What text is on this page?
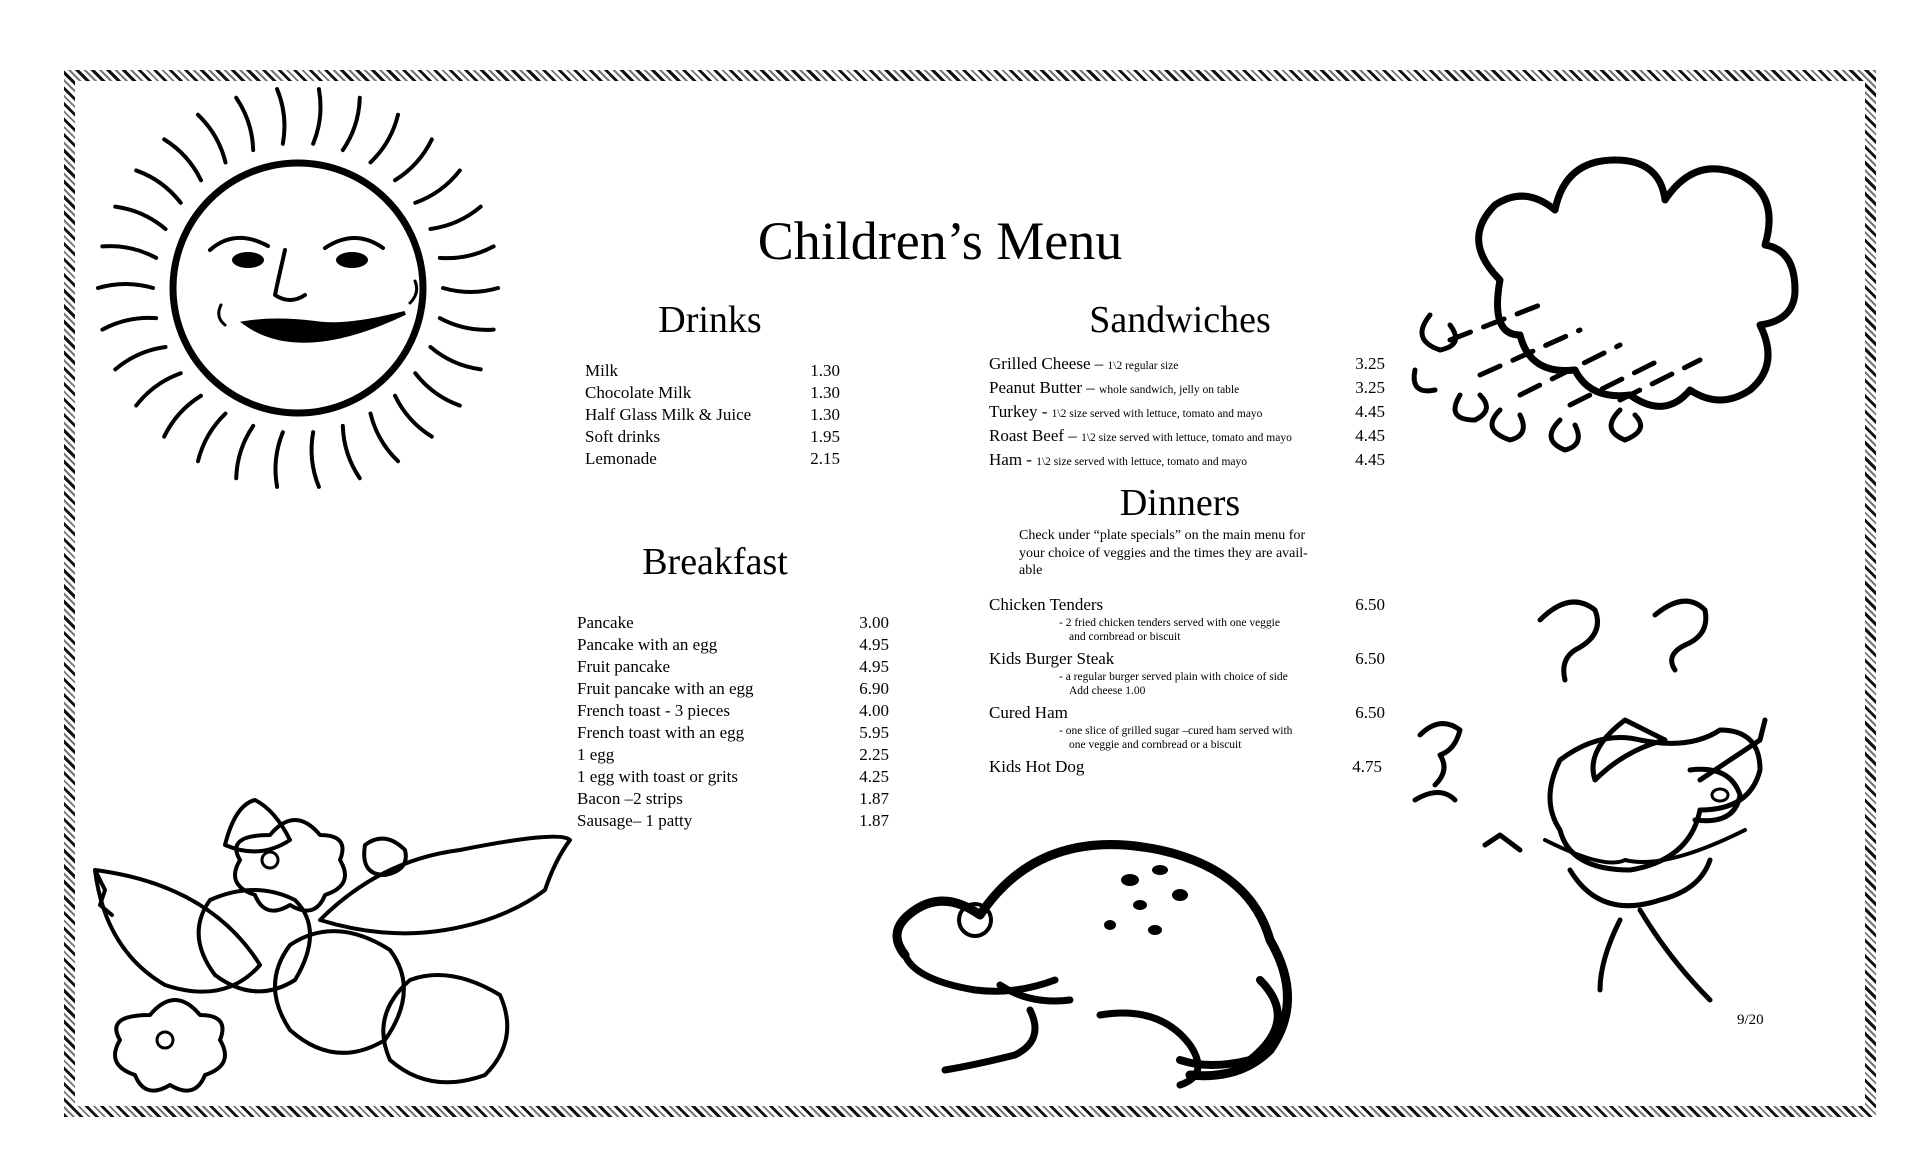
Children’s Menu
Drinks
Milk	1.30
Chocolate Milk	1.30
Half Glass Milk & Juice	1.30
Soft drinks	1.95
Lemonade	2.15
Breakfast
Pancake	3.00
Pancake with an egg	4.95
Fruit pancake	4.95
Fruit pancake with an egg	6.90
French toast - 3 pieces	4.00
French toast with an egg	5.95
1 egg	2.25
1 egg with toast or grits	4.25
Bacon –2 strips	1.87
Sausage– 1 patty	1.87
Sandwiches
Grilled Cheese – 1\2 regular size	3.25
Peanut Butter – whole sandwich, jelly on table	3.25
Turkey - 1\2 size served with lettuce, tomato and mayo	4.45
Roast Beef – 1\2 size served with lettuce, tomato and mayo	4.45
Ham - 1\2 size served with lettuce, tomato and mayo	4.45
Dinners
Check under “plate specials” on the main menu for
your choice of veggies and the times they are avail-
able
Chicken Tenders	6.50
- 2 fried chicken tenders served with one veggie
and cornbread or biscuit
Kids Burger Steak	6.50
- a regular burger served plain with choice of side
Add cheese 1.00
Cured Ham	6.50
- one slice of grilled sugar –cured ham served with
one veggie and cornbread or a biscuit
Kids Hot Dog	4.75
9/20
